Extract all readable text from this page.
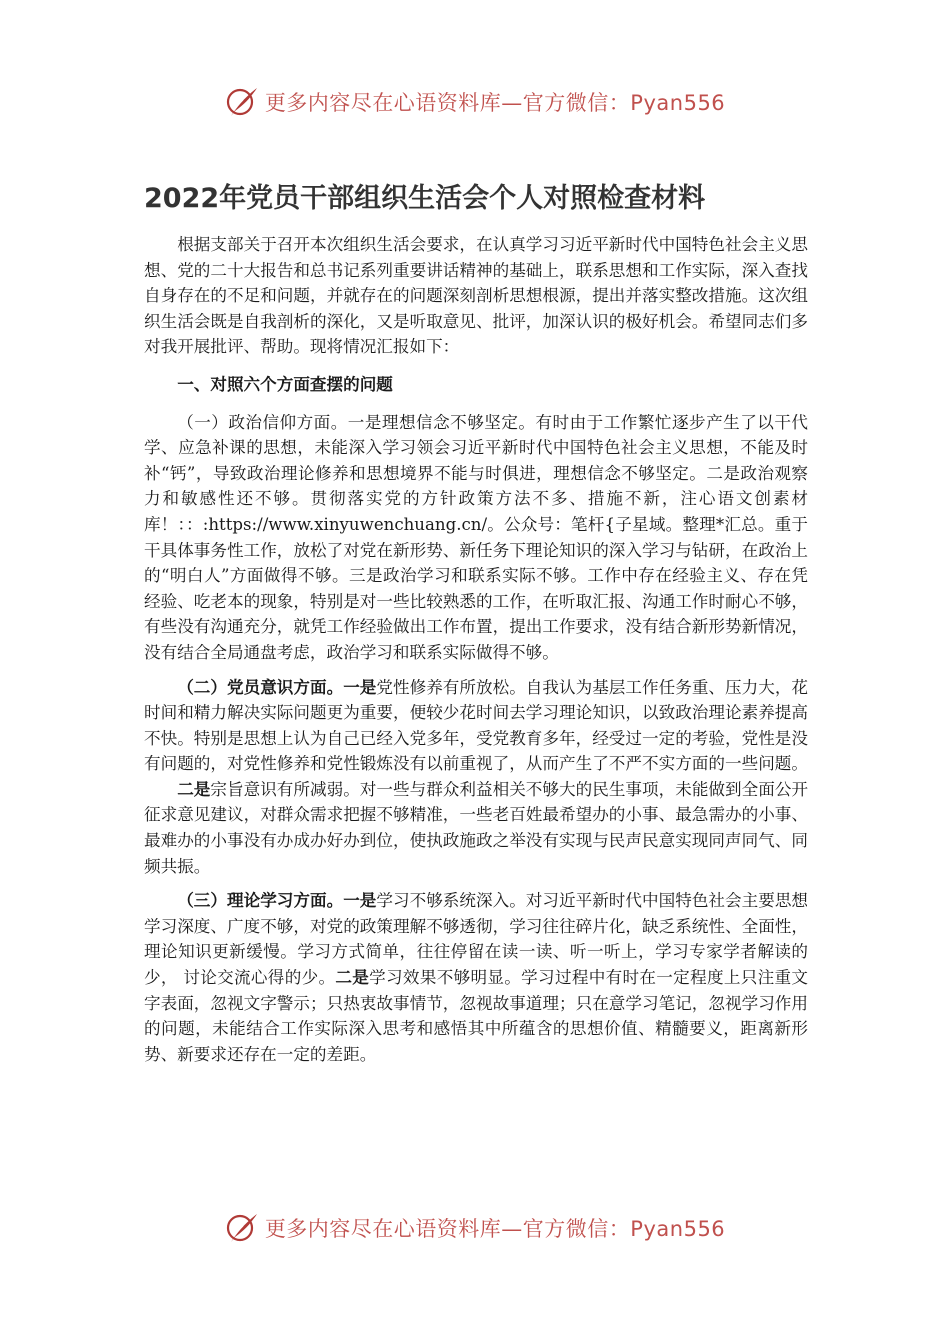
更多内容尽在心语资料库—官方微信：Pyan556
2022年党员干部组织生活会个人对照检查材料

根据支部关于召开本次组织生活会要求，在认真学习习近平新时代中国特色社会主义思想、党的二十大报告和总书记系列重要讲话精神的基础上，联系思想和工作实际，深入查找自身存在的不足和问题，并就存在的问题深刻剖析思想根源，提出并落实整改措施。这次组织生活会既是自我剖析的深化，又是听取意见、批评，加深认识的极好机会。希望同志们多对我开展批评、帮助。现将情况汇报如下：

一、对照六个方面查摆的问题

（一）政治信仰方面。一是理想信念不够坚定。有时由于工作繁忙逐步产生了以干代学、应急补课的思想，未能深入学习领会习近平新时代中国特色社会主义思想，不能及时补“钙”，导致政治理论修养和思想境界不能与时俱进，理想信念不够坚定。二是政治观察力和敏感性还不够。贯彻落实党的方针政策方法不多、措施不新，注心语文创素材库！：：:https://www.xinyuwenchuang.cn/。公众号：笔杆{子星域。整理*汇总。重于干具体事务性工作，放松了对党在新形势、新任务下理论知识的深入学习与钻研，在政治上的“明白人”方面做得不够。三是政治学习和联系实际不够。工作中存在经验主义、存在凭经验、吃老本的现象，特别是对一些比较熟悉的工作，在听取汇报、沟通工作时耐心不够，有些没有沟通充分，就凭工作经验做出工作布置，提出工作要求，没有结合新形势新情况， 没有结合全局通盘考虑，政治学习和联系实际做得不够。

（二）党员意识方面。一是党性修养有所放松。自我认为基层工作任务重、压力大，花时间和精力解决实际问题更为重要，便较少花时间去学习理论知识，以致政治理论素养提高不快。特别是思想上认为自己已经入党多年，受党教育多年，经受过一定的考验，党性是没有问题的，对党性修养和党性锻炼没有以前重视了，从而产生了不严不实方面的一些问题。二是宗旨意识有所减弱。对一些与群众利益相关不够大的民生事项，未能做到全面公开征求意见建议，对群众需求把握不够精准，一些老百姓最希望办的小事、最急需办的小事、最难办的小事没有办成办好办到位，使执政施政之举没有实现与民声民意实现同声同气、同频共振。

（三）理论学习方面。一是学习不够系统深入。对习近平新时代中国特色社会主要思想学习深度、广度不够，对党的政策理解不够透彻，学习往往碎片化，缺乏系统性、全面性，理论知识更新缓慢。学习方式简单，往往停留在读一读、听一听上，学习专家学者解读的少， 讨论交流心得的少。二是学习效果不够明显。学习过程中有时在一定程度上只注重文字表面，忽视文字警示；只热衷故事情节，忽视故事道理；只在意学习笔记，忽视学习作用的问题，未能结合工作实际深入思考和感悟其中所蕴含的思想价值、精髓要义，距离新形势、新要求还存在一定的差距。

更多内容尽在心语资料库—官方微信：Pyan556
